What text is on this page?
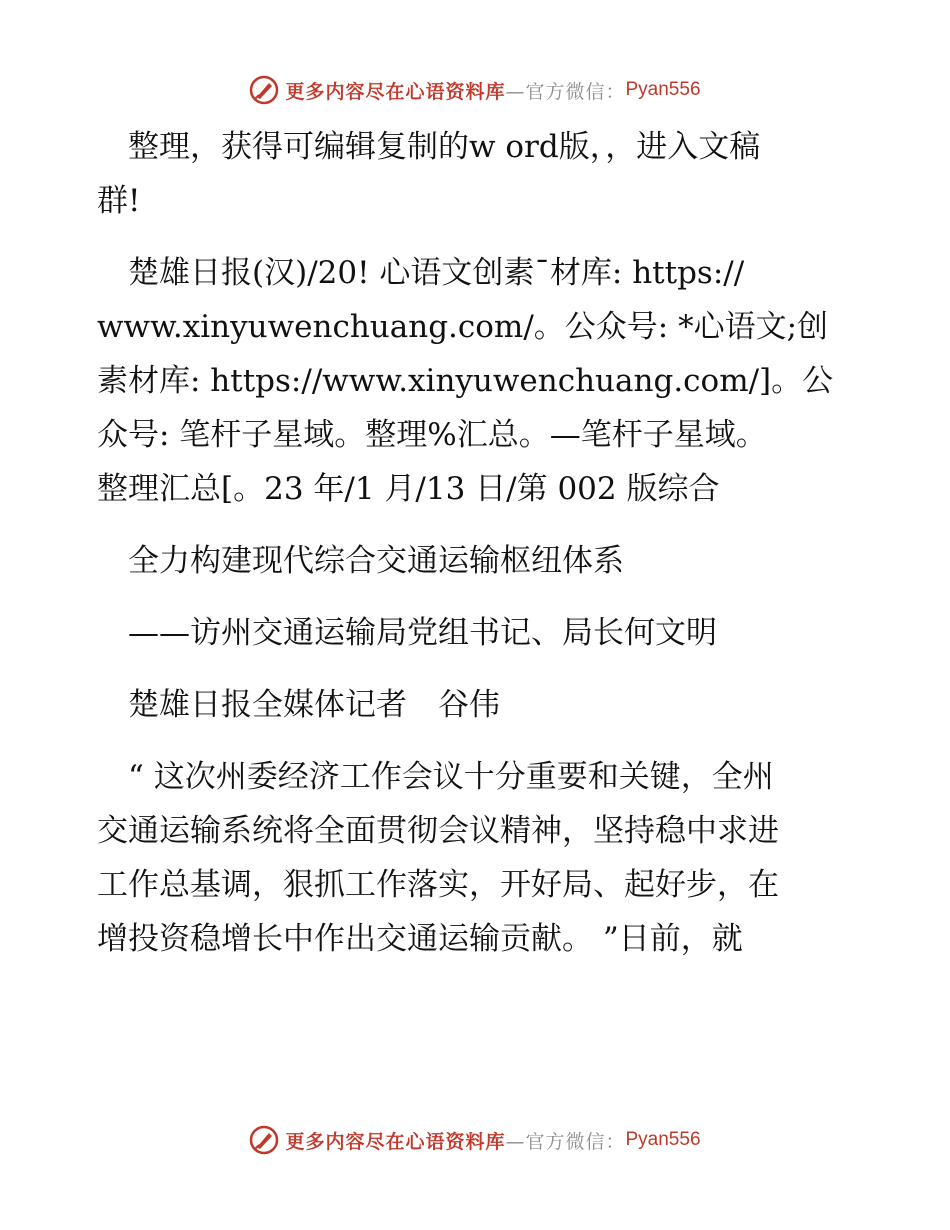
更多内容尽在心语资料库 —官方微信： Pyan556

　整理，获得可编辑复制的w ord版，，进入文稿
群!

　楚雄日报(汉)/20! 心语文创素¯材库: https://
www.xinyuwenchuang.com/。公众号: *心语文;创
素材库: https://www.xinyuwenchuang.com/]。公
众号: 笔杆子星域。整理%汇总。—笔杆子星域。
整理汇总[。23 年/1 月/13 日/第 002 版综合

　全力构建现代综合交通运输枢纽体系

　——访州交通运输局党组书记、局长何文明

　楚雄日报全媒体记者　谷伟

　“ 这次州委经济工作会议十分重要和关键，全州
交通运输系统将全面贯彻会议精神，坚持稳中求进
工作总基调，狠抓工作落实，开好局、起好步，在
增投资稳增长中作出交通运输贡献。 ”日前，就

更多内容尽在心语资料库 —官方微信： Pyan556
